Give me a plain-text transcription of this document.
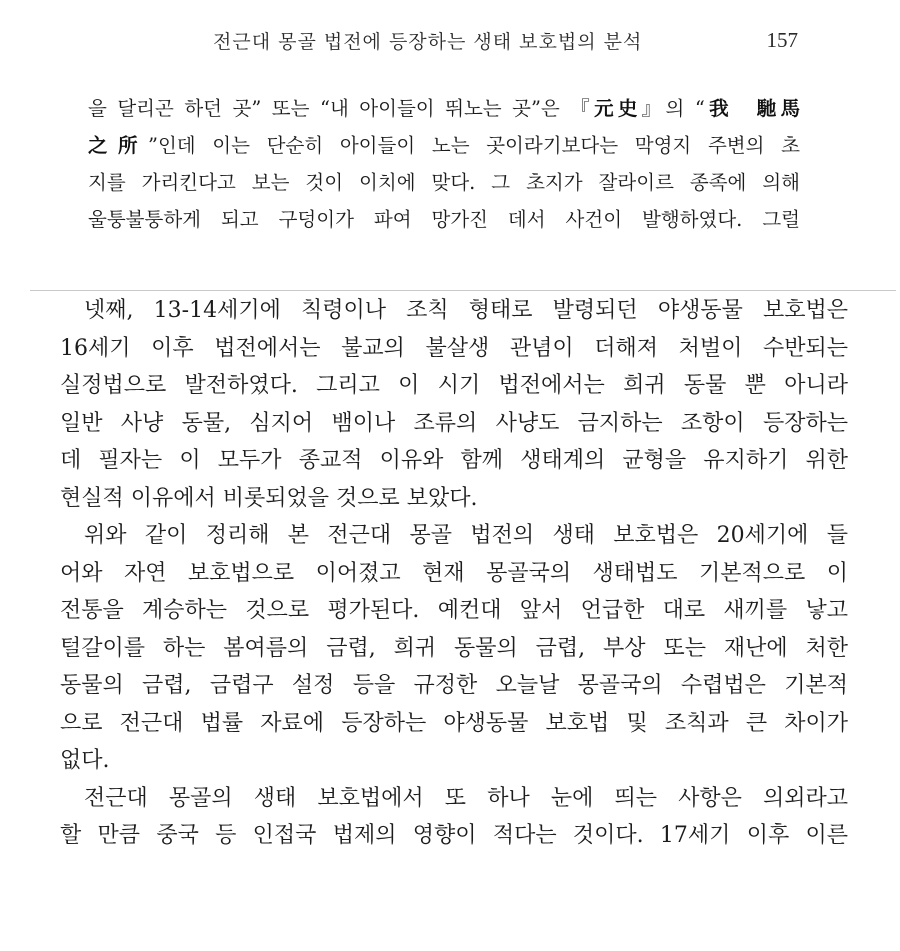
전근대 몽골 법전에 등장하는 생태 보호법의 분석	157
을 달리곤 하던 곳” 또는 “내 아이들이 뛰노는 곳”은 『元史』의 “我　馳馬
之所”인데 이는 단순히 아이들이 노는 곳이라기보다는 막영지 주변의 초
지를 가리킨다고 보는 것이 이치에 맞다. 그 초지가 잘라이르 종족에 의해
울퉁불퉁하게 되고 구덩이가 파여 망가진 데서 사건이 발행하였다. 그럴
넷째, 13-14세기에 칙령이나 조칙 형태로 발령되던 야생동물 보호법은
16세기 이후 법전에서는 불교의 불살생 관념이 더해져 처벌이 수반되는
실정법으로 발전하였다. 그리고 이 시기 법전에서는 희귀 동물 뿐 아니라
일반 사냥 동물, 심지어 뱀이나 조류의 사냥도 금지하는 조항이 등장하는
데 필자는 이 모두가 종교적 이유와 함께 생태계의 균형을 유지하기 위한
현실적 이유에서 비롯되었을 것으로 보았다.
위와 같이 정리해 본 전근대 몽골 법전의 생태 보호법은 20세기에 들
어와 자연 보호법으로 이어졌고 현재 몽골국의 생태법도 기본적으로 이
전통을 계승하는 것으로 평가된다. 예컨대 앞서 언급한 대로 새끼를 낳고
털갈이를 하는 봄여름의 금렵, 희귀 동물의 금렵, 부상 또는 재난에 처한
동물의 금렵, 금렵구 설정 등을 규정한 오늘날 몽골국의 수렵법은 기본적
으로 전근대 법률 자료에 등장하는 야생동물 보호법 및 조칙과 큰 차이가
없다.
전근대 몽골의 생태 보호법에서 또 하나 눈에 띄는 사항은 의외라고
할 만큼 중국 등 인접국 법제의 영향이 적다는 것이다. 17세기 이후 이른
